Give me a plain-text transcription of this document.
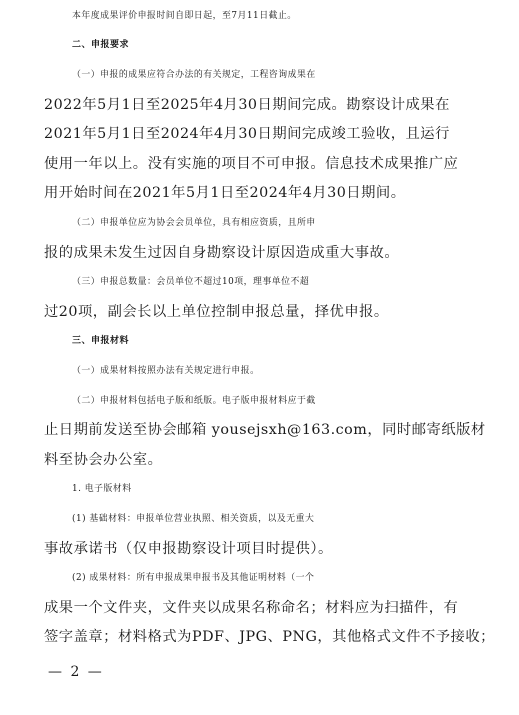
本年度成果评价申报时间自即日起，至7月11日截止。
二、申报要求
（一）申报的成果应符合办法的有关规定，工程咨询成果在
2022年5月1日至2025年4月30日期间完成。勘察设计成果在
2021年5月1日至2024年4月30日期间完成竣工验收，且运行
使用一年以上。没有实施的项目不可申报。信息技术成果推广应
用开始时间在2021年5月1日至2024年4月30日期间。
（二）申报单位应为协会会员单位，具有相应资质，且所申
报的成果未发生过因自身勘察设计原因造成重大事故。
（三）申报总数量：会员单位不超过10项，理事单位不超
过20项，副会长以上单位控制申报总量，择优申报。
三、申报材料
（一）成果材料按照办法有关规定进行申报。
（二）申报材料包括电子版和纸版。电子版申报材料应于截
止日期前发送至协会邮箱 yousejsxh@163.com，同时邮寄纸版材
料至协会办公室。
1. 电子版材料
(1) 基础材料：申报单位营业执照、相关资质，以及无重大
事故承诺书（仅申报勘察设计项目时提供）。
(2) 成果材料：所有申报成果申报书及其他证明材料（一个
成果一个文件夹，文件夹以成果名称命名；材料应为扫描件，有
签字盖章；材料格式为PDF、JPG、PNG，其他格式文件不予接收；
— 2 —
